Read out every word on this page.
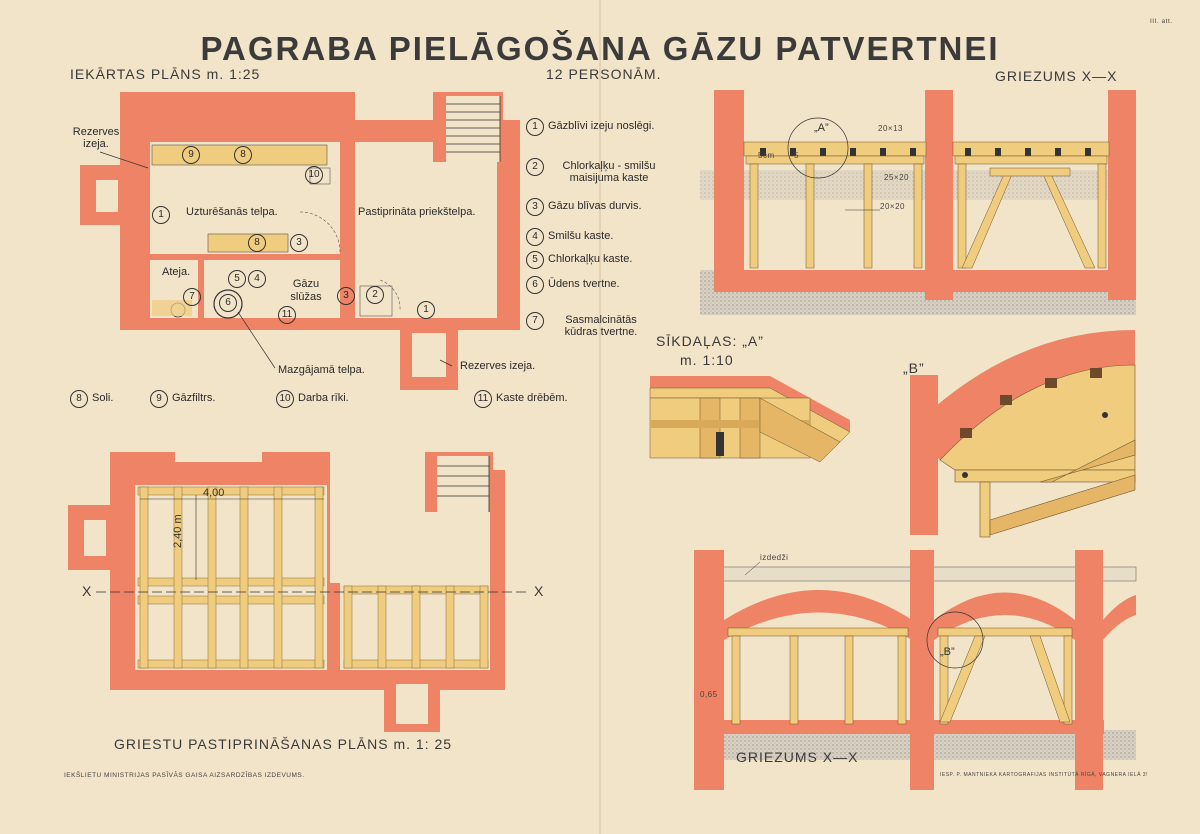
PAGRABA PIELĀGOŠANA GĀZU PATVERTNEI
III. att.
IEKĀRTAS PLĀNS m. 1:25	12 PERSONĀM.	GRIEZUMS X—X
Rezerves izeja.
Uzturēšanās telpa.	Pastiprināta priekštelpa.
Ateja.
Gāzu slūžas
Mazgājamā telpa.	Rezerves izeja.
9	8
10
1
3
8
5	4
7
6
11
3	2
1
1 Gāzblīvi izeju noslēgi.
2	Chlorkaļķu - smilšu maisijuma kaste
3 Gāzu blīvas durvis.
4 Smilšu kaste.
5 Chlorkaļķu kaste.
6 Ūdens tvertne.
7	Sasmalcinātās kūdras tvertne.
8 Soli.	9 Gāzfiltrs.	10 Darba rīki.	11 Kaste drēbēm.
4,00
2,40 m
X	X
GRIESTU PASTIPRINĀŠANAS PLĀNS m. 1: 25
„A”	20×13
5cm 5
25×20
20×20
SĪKDAĻAS: „A”
m. 1:10	„B”
izdedži
0,65
„B”
GRIEZUMS X—X
IEKŠLIETU MINISTRIJAS PASĪVĀS GAISA AIZSARDZĪBAS IZDEVUMS.	IESP. P. MANTNIEKA KARTOGRAFIJAS INSTITŪTĀ RĪGĀ, VAGNERA IELĀ 3!
